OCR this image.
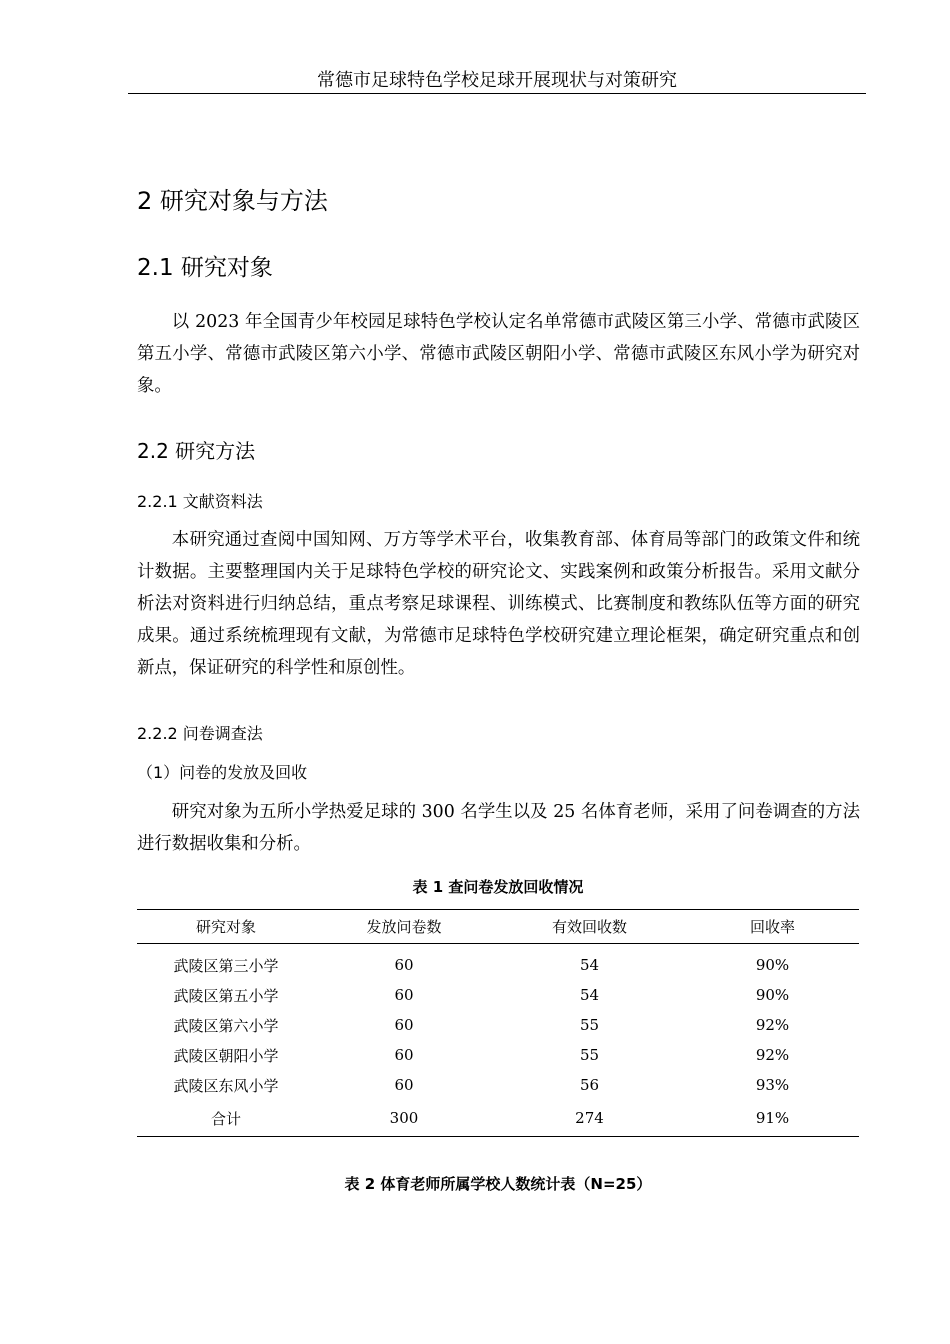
常德市足球特色学校足球开展现状与对策研究
2 研究对象与方法
2.1 研究对象
以 2023 年全国青少年校园足球特色学校认定名单常德市武陵区第三小学、常德市武陵区第五小学、常德市武陵区第六小学、常德市武陵区朝阳小学、常德市武陵区东风小学为研究对象。
2.2 研究方法
2.2.1 文献资料法
本研究通过查阅中国知网、万方等学术平台，收集教育部、体育局等部门的政策文件和统计数据。主要整理国内关于足球特色学校的研究论文、实践案例和政策分析报告。采用文献分析法对资料进行归纳总结，重点考察足球课程、训练模式、比赛制度和教练队伍等方面的研究成果。通过系统梳理现有文献，为常德市足球特色学校研究建立理论框架，确定研究重点和创新点，保证研究的科学性和原创性。
2.2.2 问卷调查法
（1）问卷的发放及回收
研究对象为五所小学热爱足球的 300 名学生以及 25 名体育老师，采用了问卷调查的方法进行数据收集和分析。
表 1 查问卷发放回收情况
研究对象	发放问卷数	有效回收数	回收率
武陵区第三小学	60	54	90%
武陵区第五小学	60	54	90%
武陵区第六小学	60	55	92%
武陵区朝阳小学	60	55	92%
武陵区东风小学	60	56	93%
合计	300	274	91%
表 2 体育老师所属学校人数统计表（N=25）
